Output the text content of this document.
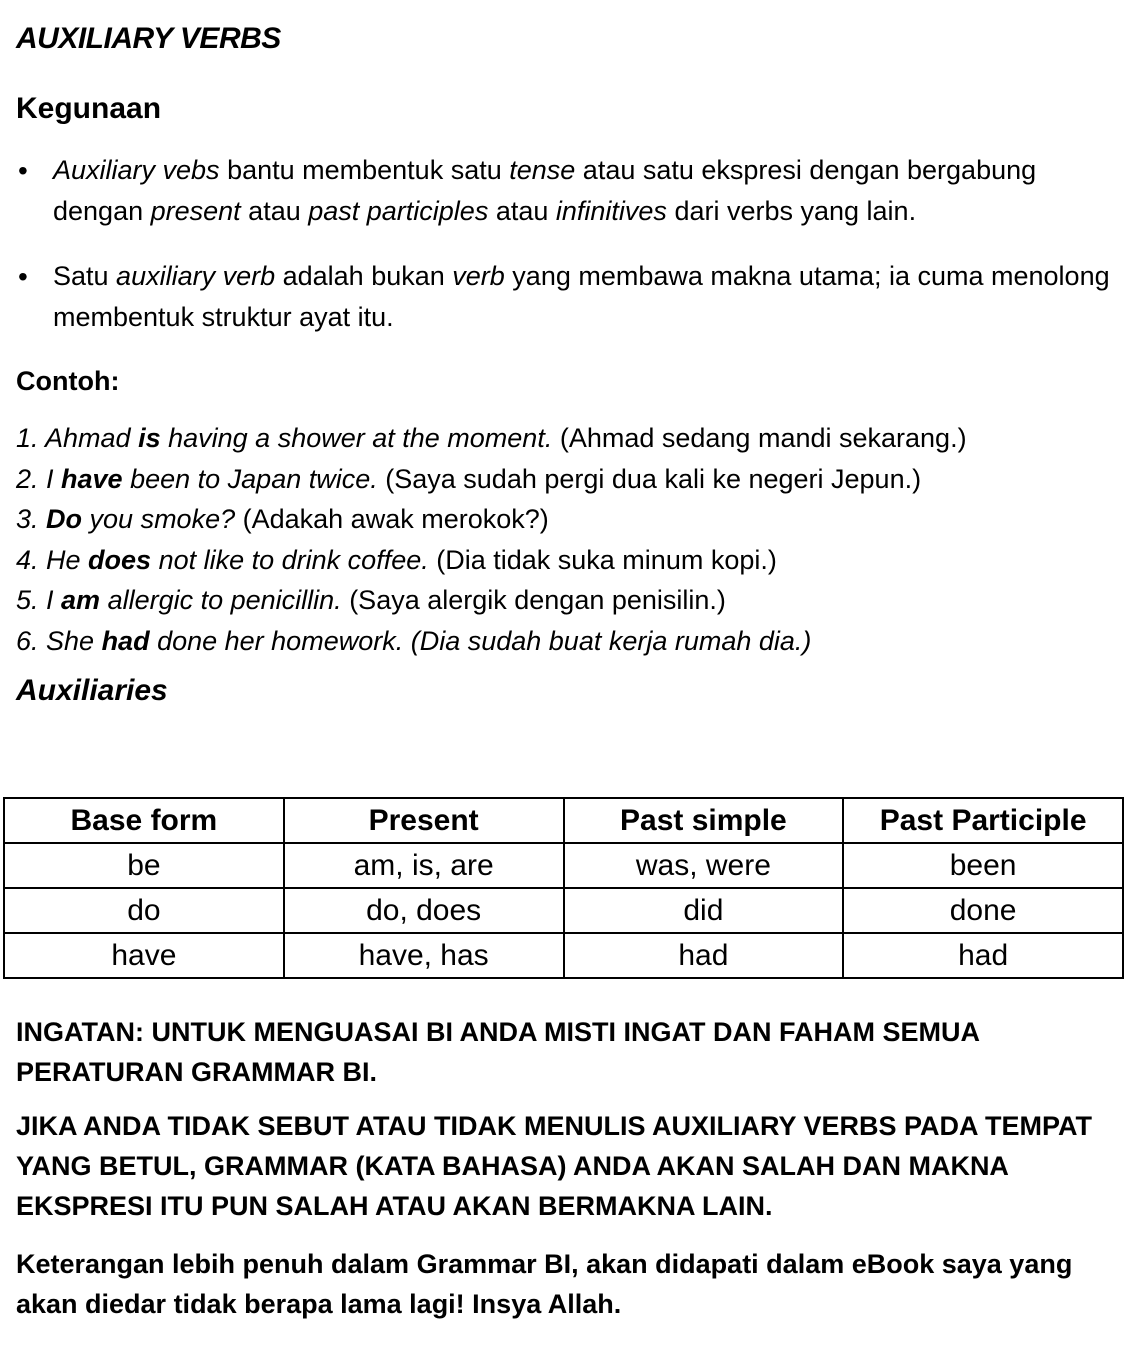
AUXILIARY VERBS
Kegunaan
• Auxiliary vebs bantu membentuk satu tense atau satu ekspresi dengan bergabung dengan present atau past participles atau infinitives dari verbs yang lain.
• Satu auxiliary verb adalah bukan verb yang membawa makna utama; ia cuma menolong membentuk struktur ayat itu.
Contoh:
1. Ahmad is having a shower at the moment. (Ahmad sedang mandi sekarang.)
2. I have been to Japan twice. (Saya sudah pergi dua kali ke negeri Jepun.)
3. Do you smoke? (Adakah awak merokok?)
4. He does not like to drink coffee. (Dia tidak suka minum kopi.)
5. I am allergic to penicillin. (Saya alergik dengan penisilin.)
6. She had done her homework. (Dia sudah buat kerja rumah dia.)
Auxiliaries
Base form	Present	Past simple	Past Participle
be	am, is, are	was, were	been
do	do, does	did	done
have	have, has	had	had

INGATAN: UNTUK MENGUASAI BI ANDA MISTI INGAT DAN FAHAM SEMUA PERATURAN GRAMMAR BI.

JIKA ANDA TIDAK SEBUT ATAU TIDAK MENULIS AUXILIARY VERBS PADA TEMPAT YANG BETUL, GRAMMAR (KATA BAHASA) ANDA AKAN SALAH DAN MAKNA EKSPRESI ITU PUN SALAH ATAU AKAN BERMAKNA LAIN.

Keterangan lebih penuh dalam Grammar BI, akan didapati dalam eBook saya yang akan diedar tidak berapa lama lagi! Insya Allah.
